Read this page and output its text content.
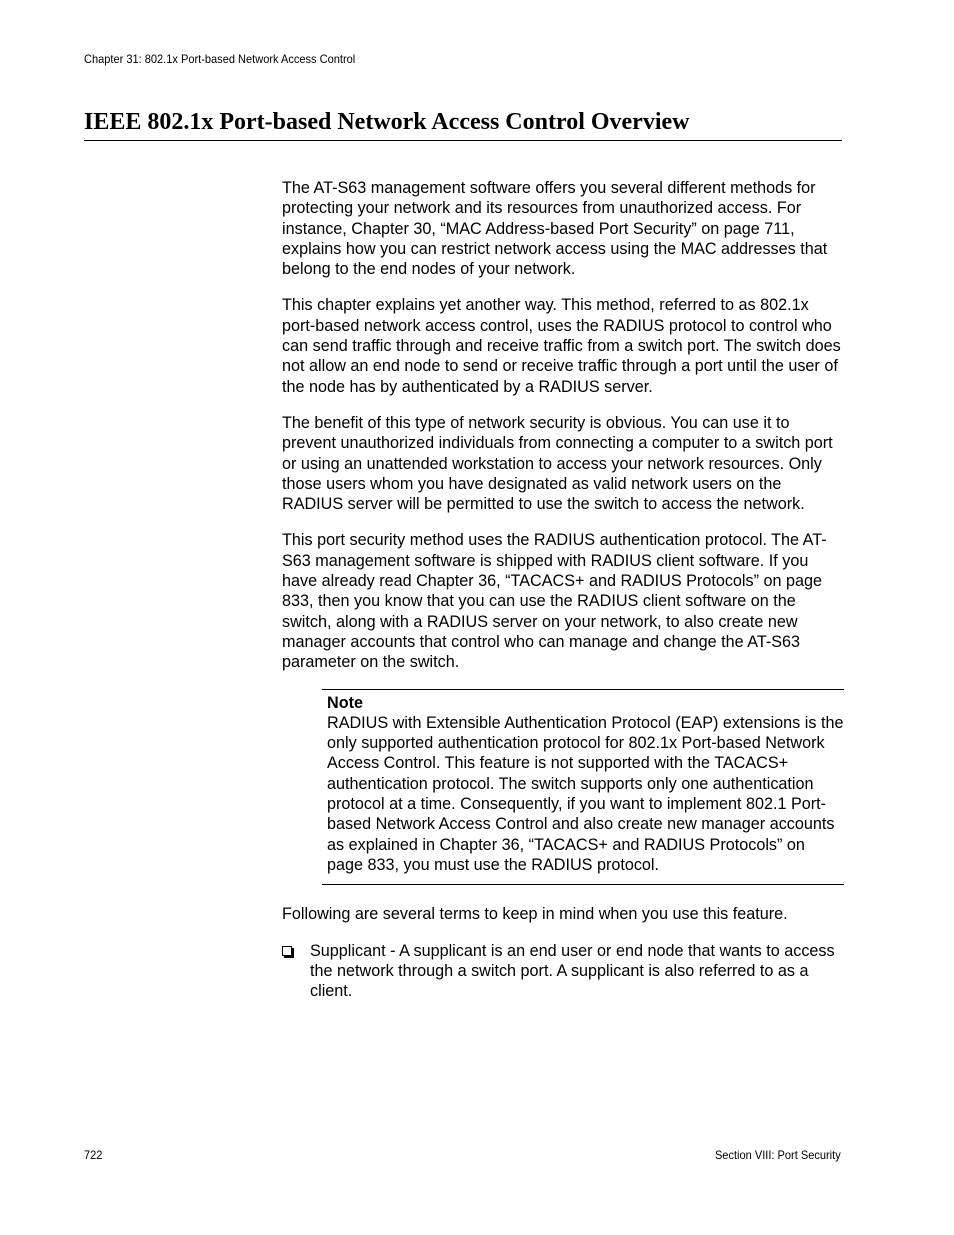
Chapter 31: 802.1x Port-based Network Access Control
IEEE 802.1x Port-based Network Access Control Overview

The AT-S63 management software offers you several different methods for protecting your network and its resources from unauthorized access. For instance, Chapter 30, “MAC Address-based Port Security” on page 711, explains how you can restrict network access using the MAC addresses that belong to the end nodes of your network.

This chapter explains yet another way. This method, referred to as 802.1x port-based network access control, uses the RADIUS protocol to control who can send traffic through and receive traffic from a switch port. The switch does not allow an end node to send or receive traffic through a port until the user of the node has by authenticated by a RADIUS server.

The benefit of this type of network security is obvious. You can use it to prevent unauthorized individuals from connecting a computer to a switch port or using an unattended workstation to access your network resources. Only those users whom you have designated as valid network users on the RADIUS server will be permitted to use the switch to access the network.

This port security method uses the RADIUS authentication protocol. The AT-S63 management software is shipped with RADIUS client software. If you have already read Chapter 36, “TACACS+ and RADIUS Protocols” on page 833, then you know that you can use the RADIUS client software on the switch, along with a RADIUS server on your network, to also create new manager accounts that control who can manage and change the AT-S63 parameter on the switch.

Note

RADIUS with Extensible Authentication Protocol (EAP) extensions is the only supported authentication protocol for 802.1x Port-based Network Access Control. This feature is not supported with the TACACS+ authentication protocol. The switch supports only one authentication protocol at a time. Consequently, if you want to implement 802.1 Port-based Network Access Control and also create new manager accounts as explained in Chapter 36, “TACACS+ and RADIUS Protocols” on page 833, you must use the RADIUS protocol.

Following are several terms to keep in mind when you use this feature.

Supplicant - A supplicant is an end user or end node that wants to access the network through a switch port. A supplicant is also referred to as a client.
722	Section VIII: Port Security
